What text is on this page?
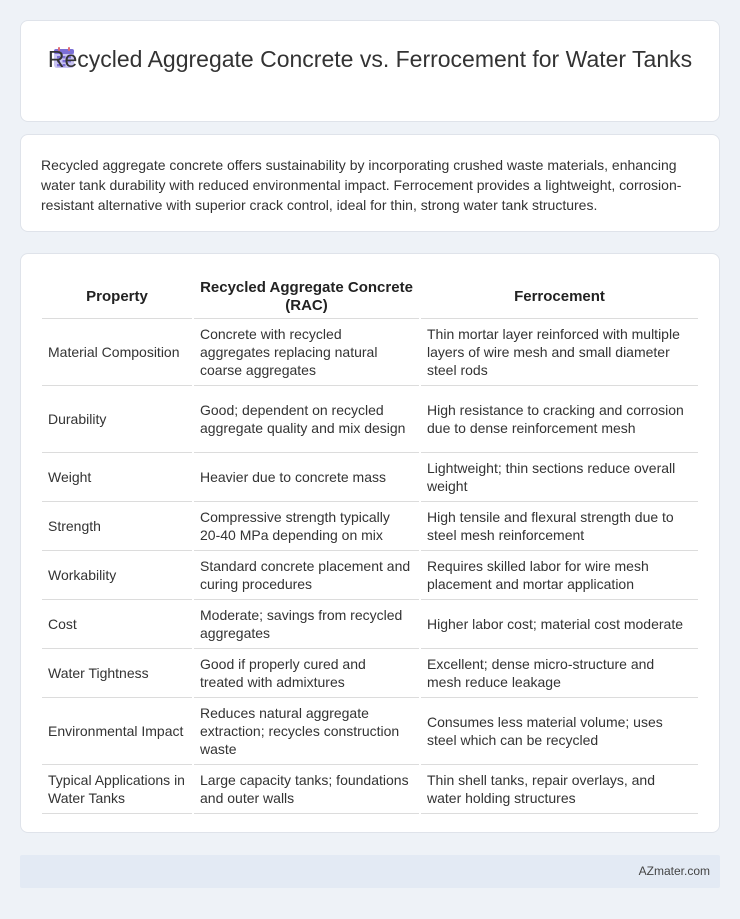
Recycled Aggregate Concrete vs. Ferrocement for Water Tanks

Recycled aggregate concrete offers sustainability by incorporating crushed waste materials, enhancing water tank durability with reduced environmental impact. Ferrocement provides a lightweight, corrosion-resistant alternative with superior crack control, ideal for thin, strong water tank structures.

Property	Recycled Aggregate Concrete (RAC)	Ferrocement
Material Composition	Concrete with recycled aggregates replacing natural coarse aggregates	Thin mortar layer reinforced with multiple layers of wire mesh and small diameter steel rods
Durability	Good; dependent on recycled aggregate quality and mix design	High resistance to cracking and corrosion due to dense reinforcement mesh
Weight	Heavier due to concrete mass	Lightweight; thin sections reduce overall weight
Strength	Compressive strength typically 20-40 MPa depending on mix	High tensile and flexural strength due to steel mesh reinforcement
Workability	Standard concrete placement and curing procedures	Requires skilled labor for wire mesh placement and mortar application
Cost	Moderate; savings from recycled aggregates	Higher labor cost; material cost moderate
Water Tightness	Good if properly cured and treated with admixtures	Excellent; dense micro-structure and mesh reduce leakage
Environmental Impact	Reduces natural aggregate extraction; recycles construction waste	Consumes less material volume; uses steel which can be recycled
Typical Applications in Water Tanks	Large capacity tanks; foundations and outer walls	Thin shell tanks, repair overlays, and water holding structures
AZmater.com
